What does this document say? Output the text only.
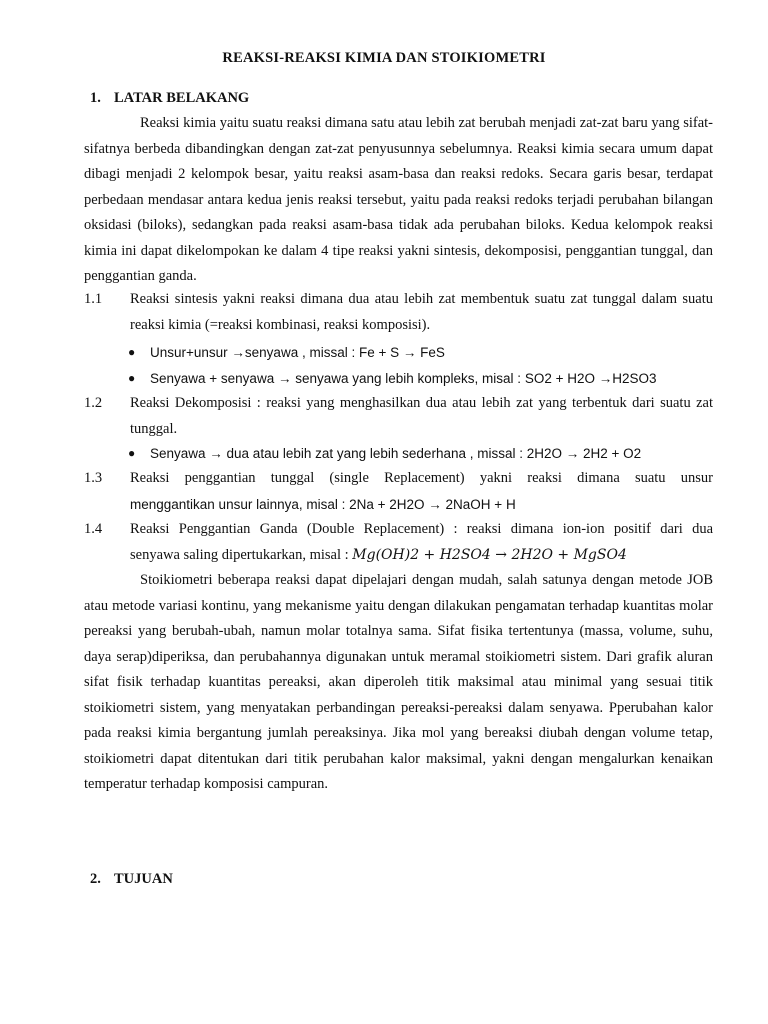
REAKSI-REAKSI KIMIA DAN STOIKIOMETRI
1. LATAR BELAKANG

Reaksi kimia yaitu suatu reaksi dimana satu atau lebih zat berubah menjadi zat-zat baru yang sifat-sifatnya berbeda dibandingkan dengan zat-zat penyusunnya sebelumnya. Reaksi kimia secara umum dapat dibagi menjadi 2 kelompok besar, yaitu reaksi asam-basa dan reaksi redoks. Secara garis besar, terdapat perbedaan mendasar antara kedua jenis reaksi tersebut, yaitu pada reaksi redoks terjadi perubahan bilangan oksidasi (biloks), sedangkan pada reaksi asam-basa tidak ada perubahan biloks. Kedua kelompok reaksi kimia ini dapat dikelompokan ke dalam 4 tipe reaksi yakni sintesis, dekomposisi, penggantian tunggal, dan penggantian ganda.

1.1 Reaksi sintesis yakni reaksi dimana dua atau lebih zat membentuk suatu zat tunggal dalam suatu reaksi kimia (=reaksi kombinasi, reaksi komposisi).
● Unsur+unsur →senyawa , missal : Fe + S → FeS
● Senyawa + senyawa → senyawa yang lebih kompleks, misal : SO2 + H2O →H2SO3
1.2 Reaksi Dekomposisi : reaksi yang menghasilkan dua atau lebih zat yang terbentuk dari suatu zat tunggal.
● Senyawa → dua atau lebih zat yang lebih sederhana , missal : 2H2O → 2H2 + O2
1.3 Reaksi penggantian tunggal (single Replacement) yakni reaksi dimana suatu unsur
menggantikan unsur lainnya, misal : 2Na + 2H2O → 2NaOH + H
1.4 Reaksi Penggantian Ganda (Double Replacement) : reaksi dimana ion-ion positif dari dua
senyawa saling dipertukarkan, misal : Mg(OH)2 + H2SO4 → 2H2O + MgSO4

Stoikiometri beberapa reaksi dapat dipelajari dengan mudah, salah satunya dengan metode JOB atau metode variasi kontinu, yang mekanisme yaitu dengan dilakukan pengamatan terhadap kuantitas molar pereaksi yang berubah-ubah, namun molar totalnya sama. Sifat fisika tertentunya (massa, volume, suhu, daya serap)diperiksa, dan perubahannya digunakan untuk meramal stoikiometri sistem. Dari grafik aluran sifat fisik terhadap kuantitas pereaksi, akan diperoleh titik maksimal atau minimal yang sesuai titik stoikiometri sistem, yang menyatakan perbandingan pereaksi-pereaksi dalam senyawa. Pperubahan kalor pada reaksi kimia bergantung jumlah pereaksinya. Jika mol yang bereaksi diubah dengan volume tetap, stoikiometri dapat ditentukan dari titik perubahan kalor maksimal, yakni dengan mengalurkan kenaikan temperatur terhadap komposisi campuran.

2. TUJUAN
